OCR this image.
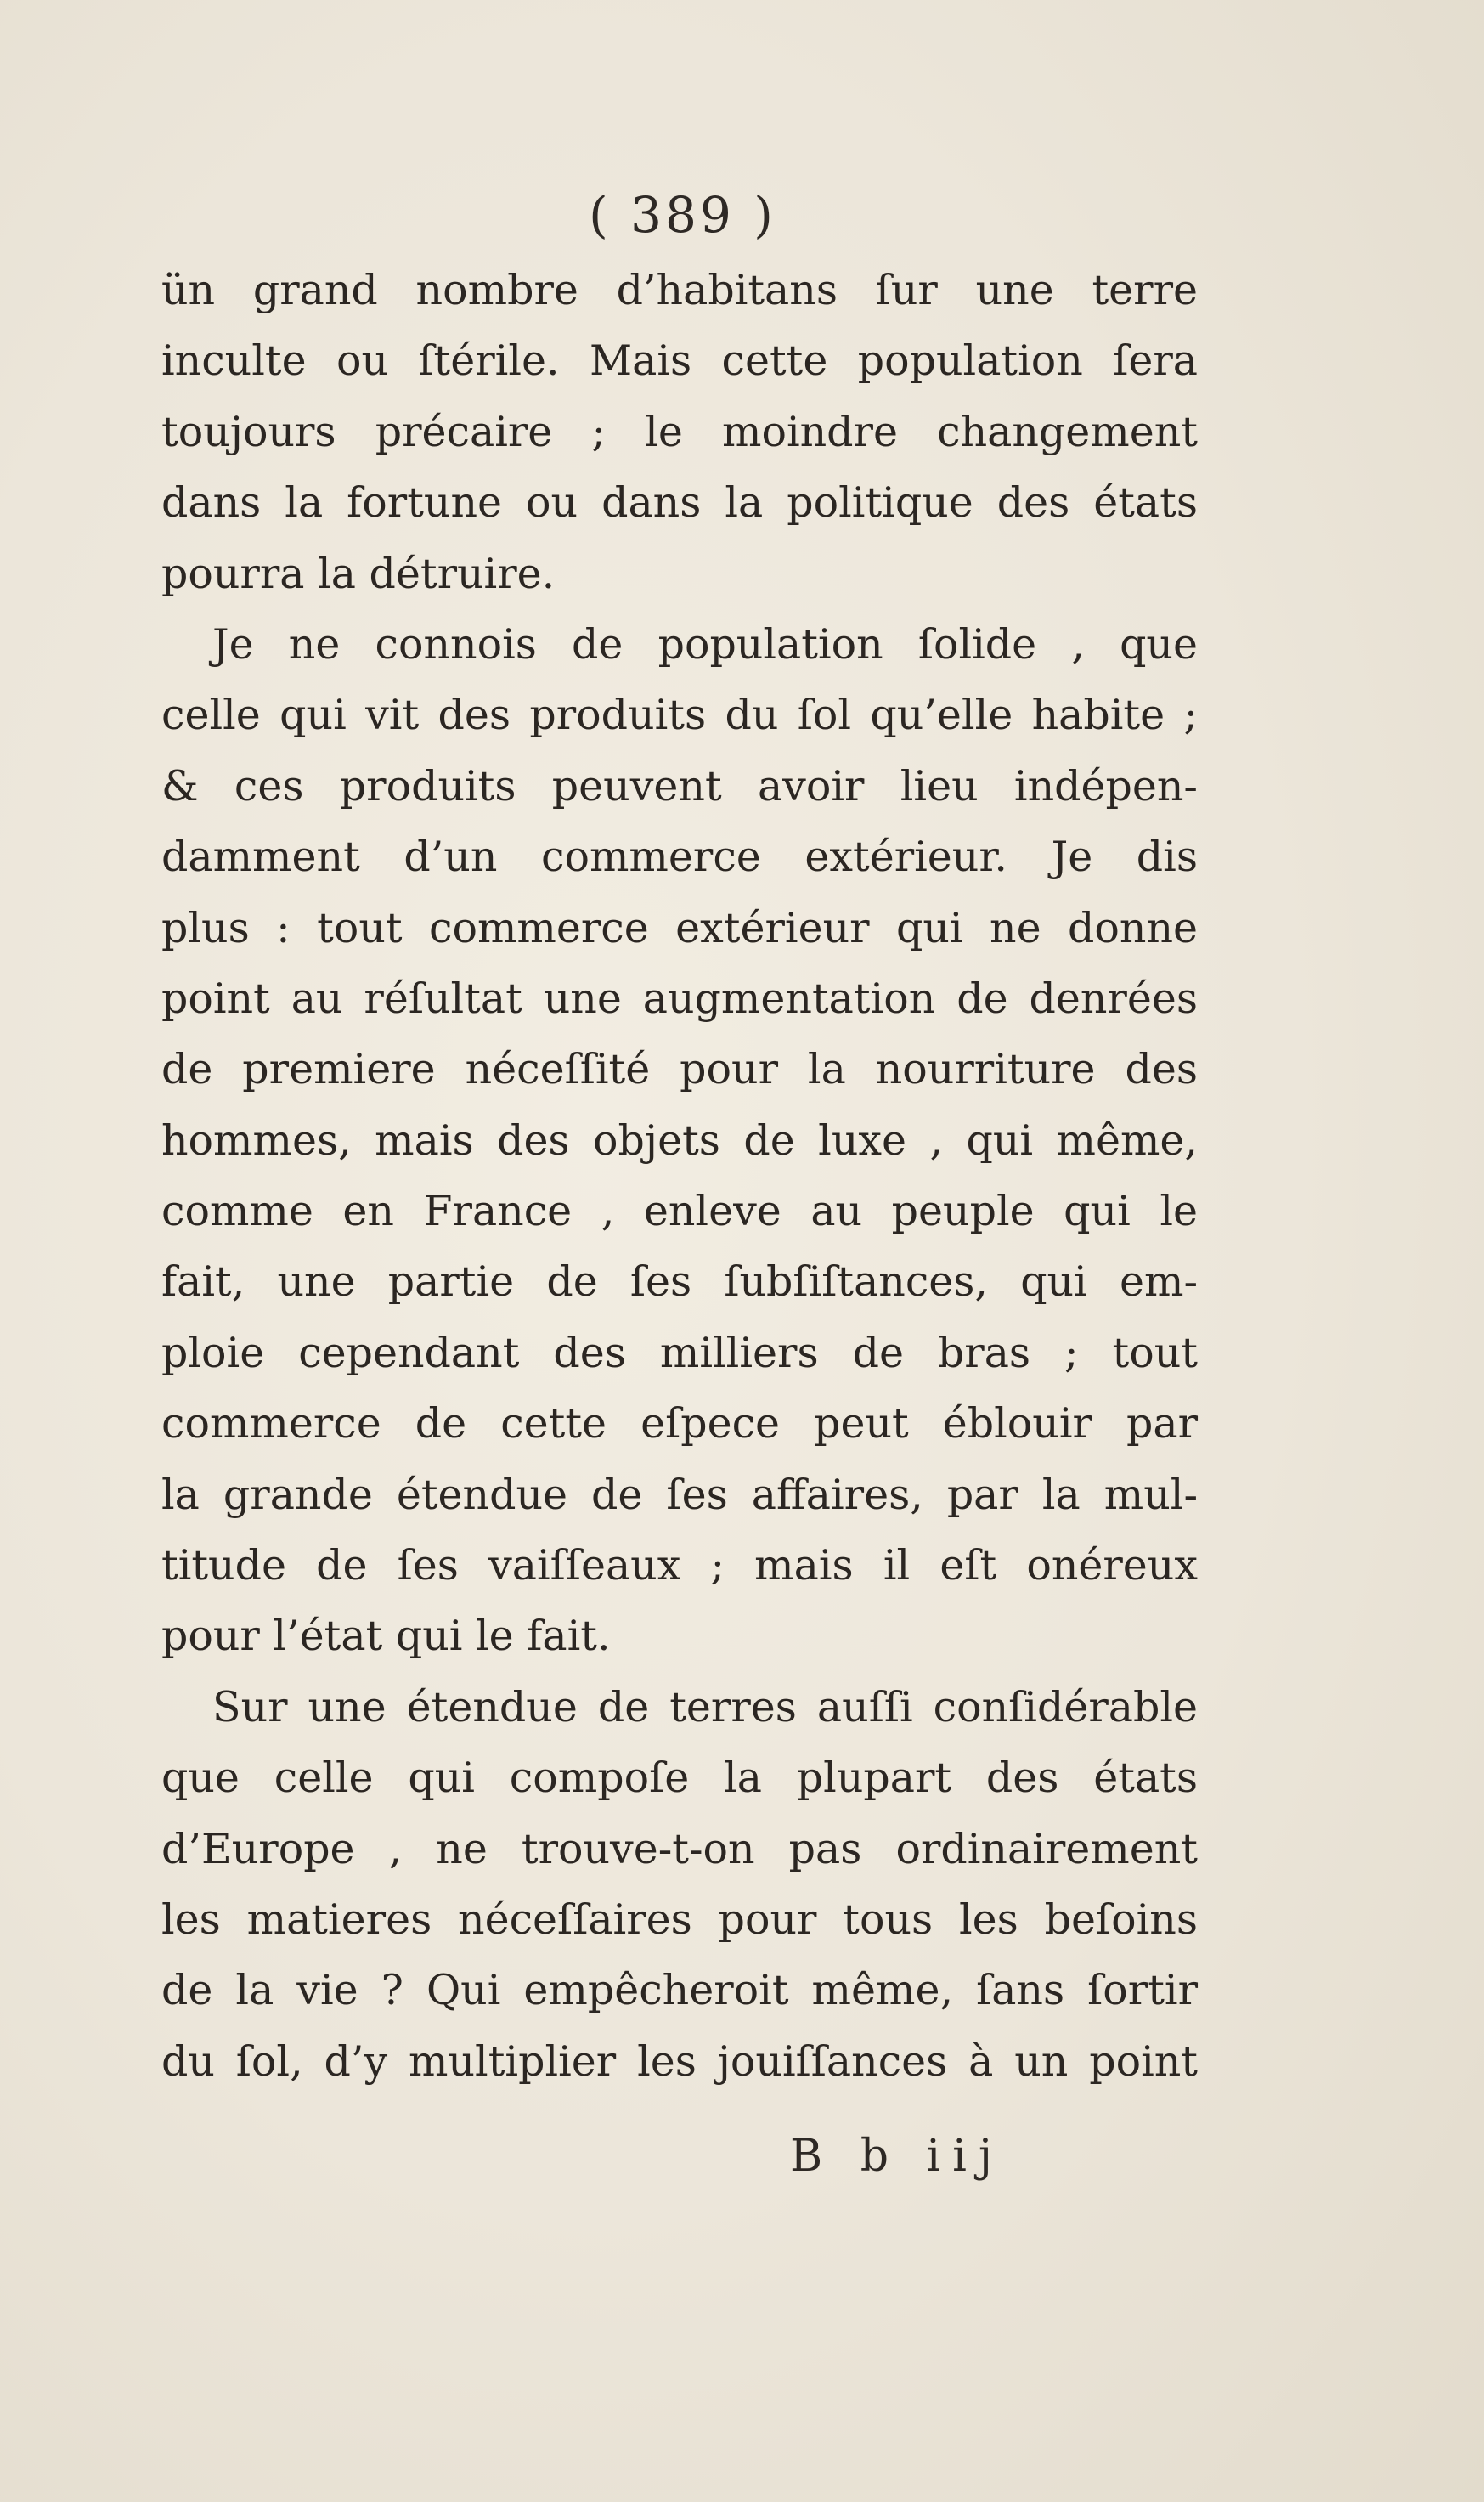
( 389 )
ün grand nombre d’habitans ſur une terre
inculte ou ſtérile. Mais cette population ſera
toujours précaire ; le moindre changement
dans la fortune ou dans la politique des états
pourra la détruire.
Je ne connois de population ſolide , que
celle qui vit des produits du ſol qu’elle habite ;
& ces produits peuvent avoir lieu indépen-
damment d’un commerce extérieur. Je dis
plus : tout commerce extérieur qui ne donne
point au réſultat une augmentation de denrées
de premiere néceſſité pour la nourriture des
hommes, mais des objets de luxe , qui même,
comme en France , enleve au peuple qui le
fait, une partie de ſes ſubſiſtances, qui em-
ploie cependant des milliers de bras ; tout
commerce de cette eſpece peut éblouir par
la grande étendue de ſes affaires, par la mul-
titude de ſes vaiſſeaux ; mais il eſt onéreux
pour l’état qui le fait.
Sur une étendue de terres auſſi conſidérable
que celle qui compoſe la plupart des états
d’Europe , ne trouve-t-on pas ordinairement
les matieres néceſſaires pour tous les beſoins
de la vie ? Qui empêcheroit même, ſans ſortir
du ſol, d’y multiplier les jouiſſances à un point
B b iij
